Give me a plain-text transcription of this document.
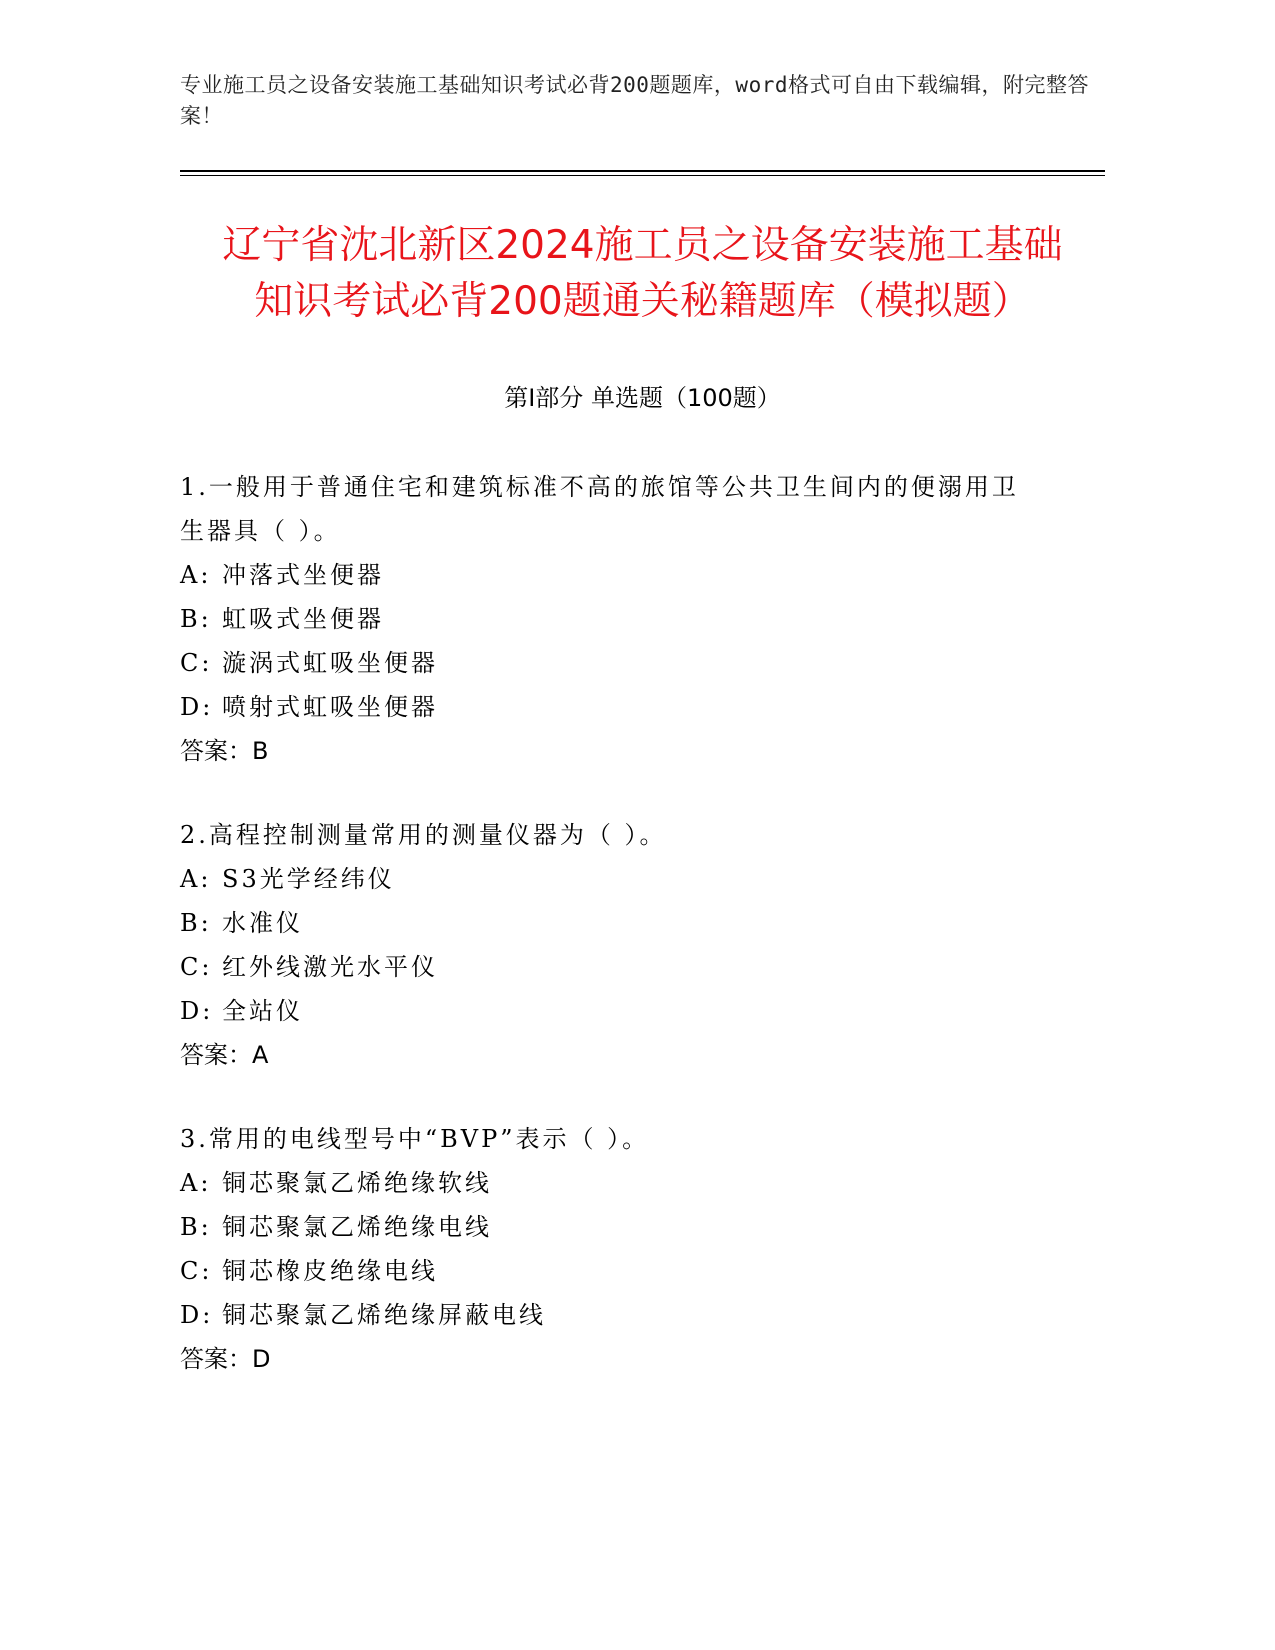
专业施工员之设备安装施工基础知识考试必背200题题库，word格式可自由下载编辑，附完整答案！

辽宁省沈北新区2024施工员之设备安装施工基础知识考试必背200题通关秘籍题库（模拟题）
第Ⅰ部分 单选题（100题）

1.一般用于普通住宅和建筑标准不高的旅馆等公共卫生间内的便溺用卫生器具（ ）。

A: 冲落式坐便器

B: 虹吸式坐便器

C: 漩涡式虹吸坐便器

D: 喷射式虹吸坐便器

答案：B

2.高程控制测量常用的测量仪器为（ ）。

A: S3光学经纬仪

B: 水准仪

C: 红外线激光水平仪

D: 全站仪

答案：A

3.常用的电线型号中“BVP”表示（ ）。

A: 铜芯聚氯乙烯绝缘软线

B: 铜芯聚氯乙烯绝缘电线

C: 铜芯橡皮绝缘电线

D: 铜芯聚氯乙烯绝缘屏蔽电线

答案：D
